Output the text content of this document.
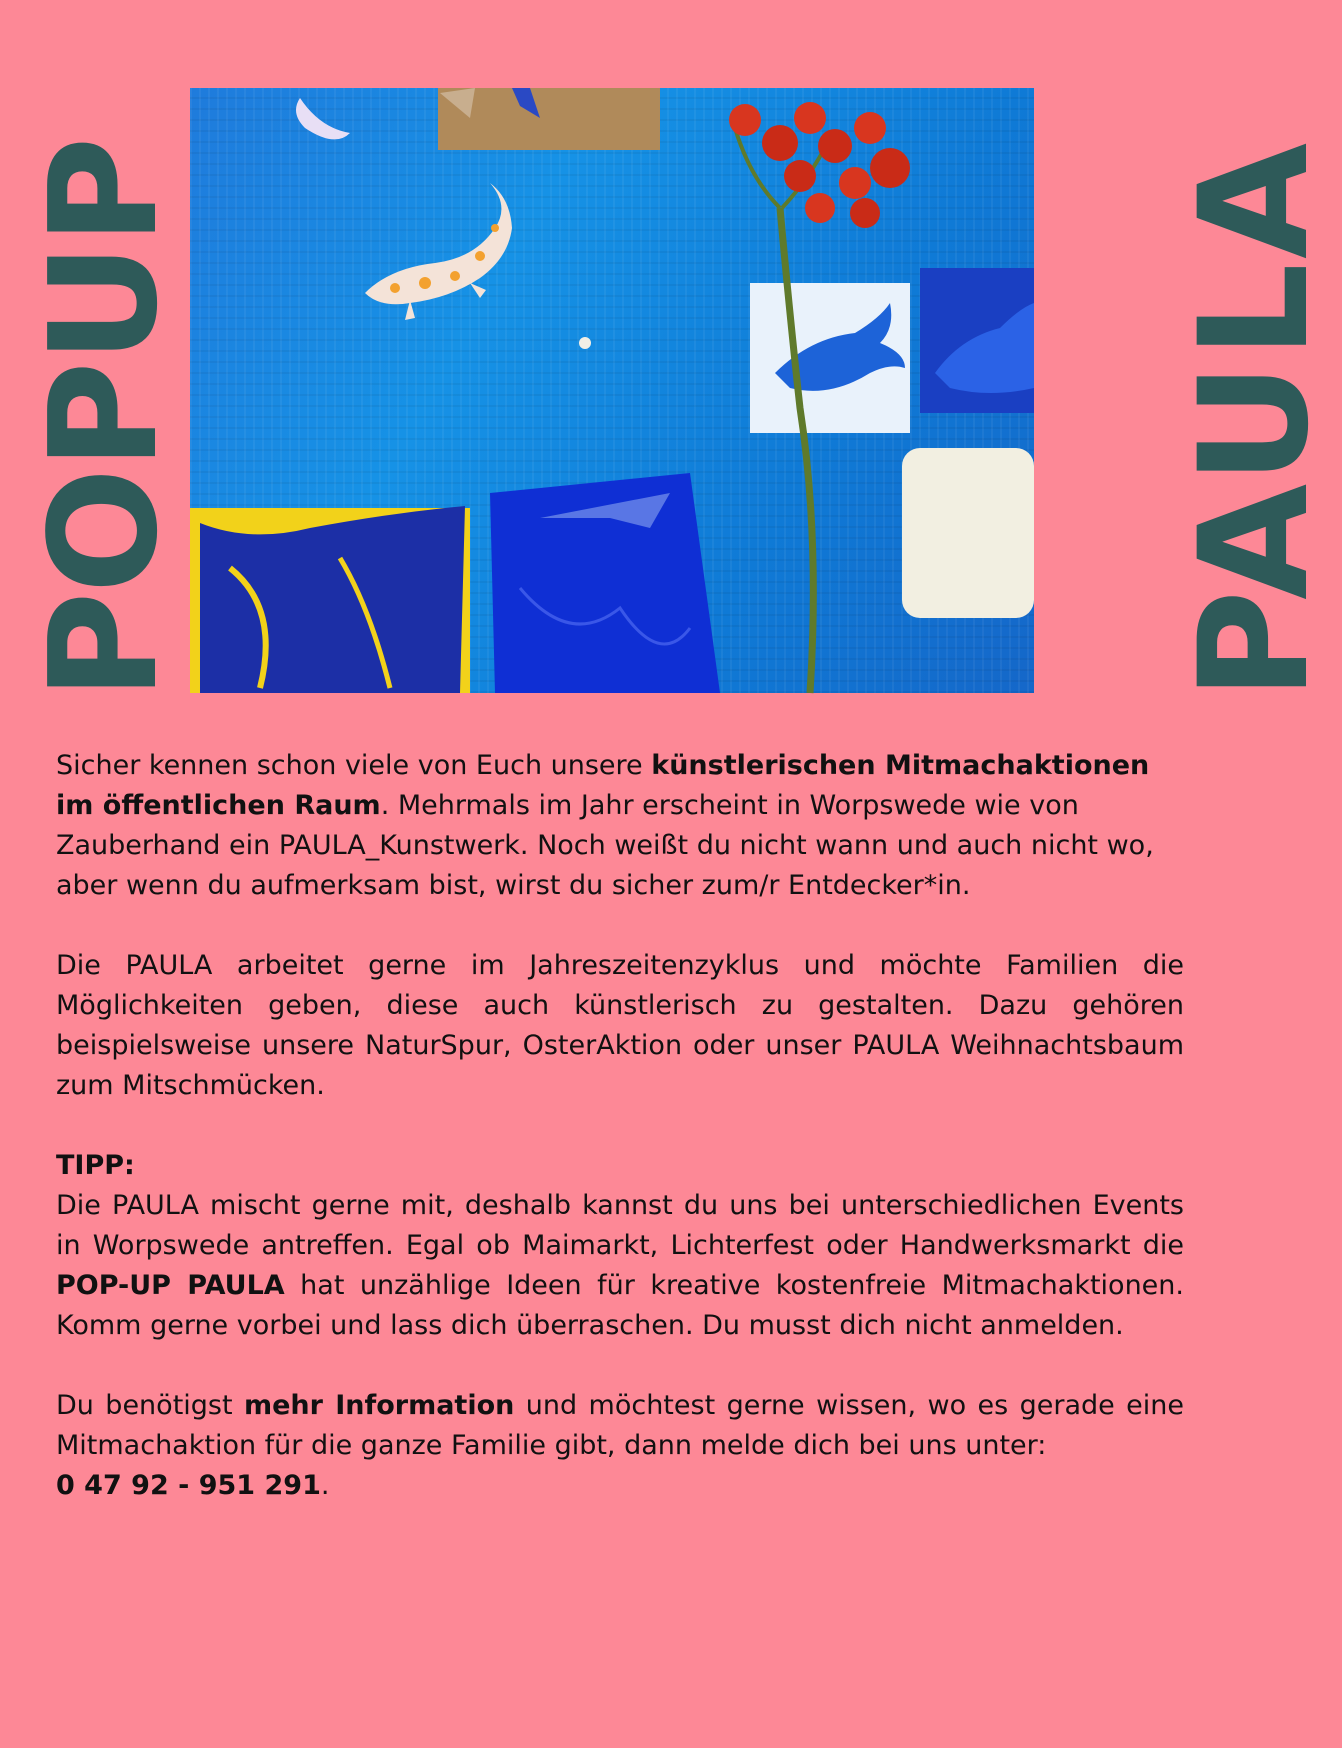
POPUP	PAULA

Sicher kennen schon viele von Euch unsere künstlerischen Mitmachaktionen im öffentlichen Raum. Mehrmals im Jahr erscheint in Worpswede wie von Zauberhand ein PAULA_Kunstwerk. Noch weißt du nicht wann und auch nicht wo, aber wenn du aufmerksam bist, wirst du sicher zum/r Entdecker*in.

Die PAULA arbeitet gerne im Jahreszeitenzyklus und möchte Familien die Möglichkeiten geben, diese auch künstlerisch zu gestalten. Dazu gehören beispielsweise unsere NaturSpur, OsterAktion oder unser PAULA Weihnachtsbaum zum Mitschmücken.

TIPP:
Die PAULA mischt gerne mit, deshalb kannst du uns bei unterschiedlichen Events in Worpswede antreffen. Egal ob Maimarkt, Lichterfest oder Handwerksmarkt die POP-UP PAULA hat unzählige Ideen für kreative kostenfreie Mitmachaktionen. Komm gerne vorbei und lass dich überraschen. Du musst dich nicht anmelden.

Du benötigst mehr Information und möchtest gerne wissen, wo es gerade eine Mitmachaktion für die ganze Familie gibt, dann melde dich bei uns unter:
0 47 92 - 951 291.
